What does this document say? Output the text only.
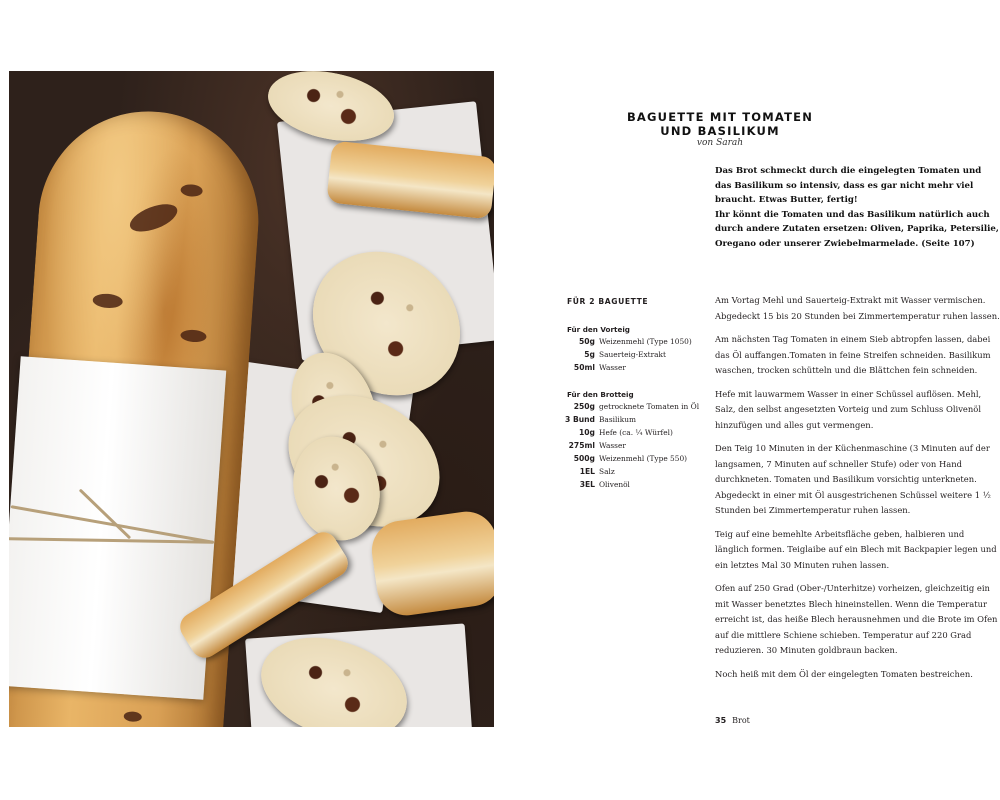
BAGUETTE MIT TOMATEN
UND BASILIKUM
von Sarah

Das Brot schmeckt durch die eingelegten Tomaten und das Basilikum so intensiv, dass es gar nicht mehr viel braucht. Etwas Butter, fertig!

Ihr könnt die Tomaten und das Basilikum natürlich auch durch andere Zutaten ersetzen: Oliven, Paprika, Petersilie, Oregano oder unserer Zwiebelmarmelade. (Seite 107)

FÜR 2 BAGUETTE
Für den Vorteig
50g Weizenmehl (Type 1050)
5g Sauerteig-Extrakt
50ml Wasser
Für den Brotteig
250g getrocknete Tomaten in Öl
3 Bund Basilikum
10g Hefe (ca. ¼ Würfel)
275ml Wasser
500g Weizenmehl (Type 550)
1EL Salz
3EL Olivenöl

Am Vortag Mehl und Sauerteig-Extrakt mit Wasser vermischen. Abgedeckt 15 bis 20 Stunden bei Zimmertemperatur ruhen lassen.

Am nächsten Tag Tomaten in einem Sieb abtropfen lassen, dabei das Öl auffangen.Tomaten in feine Streifen schneiden. Basilikum waschen, trocken schütteln und die Blättchen fein schneiden.

Hefe mit lauwarmem Wasser in einer Schüssel auflösen. Mehl, Salz, den selbst angesetzten Vorteig und zum Schluss Olivenöl hinzufügen und alles gut vermengen.

Den Teig 10 Minuten in der Küchenmaschine (3 Minuten auf der langsamen, 7 Minuten auf schneller Stufe) oder von Hand durchkneten. Tomaten und Basilikum vorsichtig unterkneten. Abgedeckt in einer mit Öl ausgestrichenen Schüssel weitere 1 ½ Stunden bei Zimmertemperatur ruhen lassen.

Teig auf eine bemehlte Arbeitsfläche geben, halbieren und länglich formen. Teiglaibe auf ein Blech mit Backpapier legen und ein letztes Mal 30 Minuten ruhen lassen.

Ofen auf 250 Grad (Ober-/Unterhitze) vorheizen, gleichzeitig ein mit Wasser benetztes Blech hineinstellen. Wenn die Temperatur erreicht ist, das heiße Blech herausnehmen und die Brote im Ofen auf die mittlere Schiene schieben. Temperatur auf 220 Grad reduzieren. 30 Minuten goldbraun backen.

Noch heiß mit dem Öl der eingelegten Tomaten bestreichen.

35 Brot
